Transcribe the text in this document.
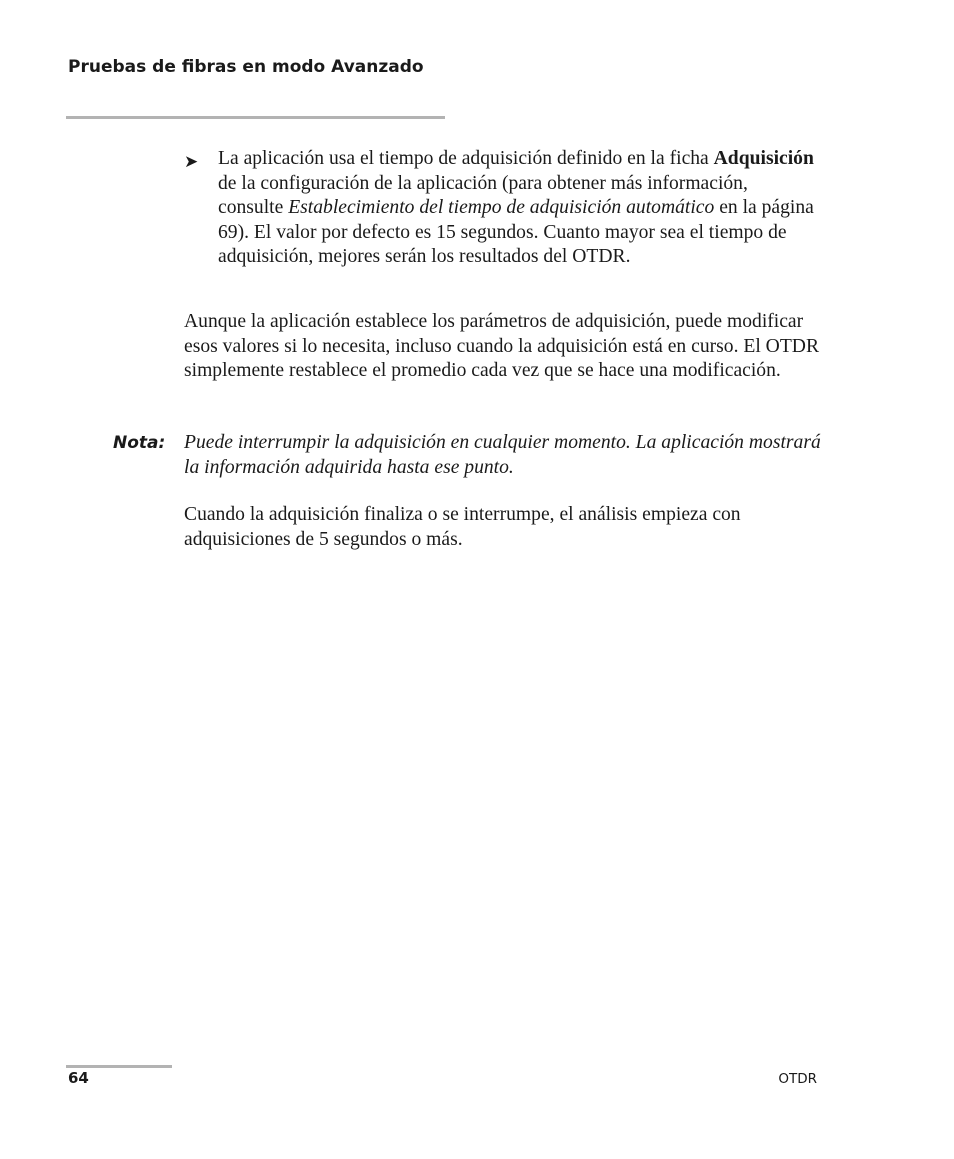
Pruebas de fibras en modo Avanzado
➤ La aplicación usa el tiempo de adquisición definido en la ficha Adquisición de la configuración de la aplicación (para obtener más información, consulte Establecimiento del tiempo de adquisición automático en la página 69). El valor por defecto es 15 segundos. Cuanto mayor sea el tiempo de adquisición, mejores serán los resultados del OTDR.

Aunque la aplicación establece los parámetros de adquisición, puede modificar esos valores si lo necesita, incluso cuando la adquisición está en curso. El OTDR simplemente restablece el promedio cada vez que se hace una modificación.

Nota: Puede interrumpir la adquisición en cualquier momento. La aplicación mostrará la información adquirida hasta ese punto.

Cuando la adquisición finaliza o se interrumpe, el análisis empieza con adquisiciones de 5 segundos o más.

64	OTDR
